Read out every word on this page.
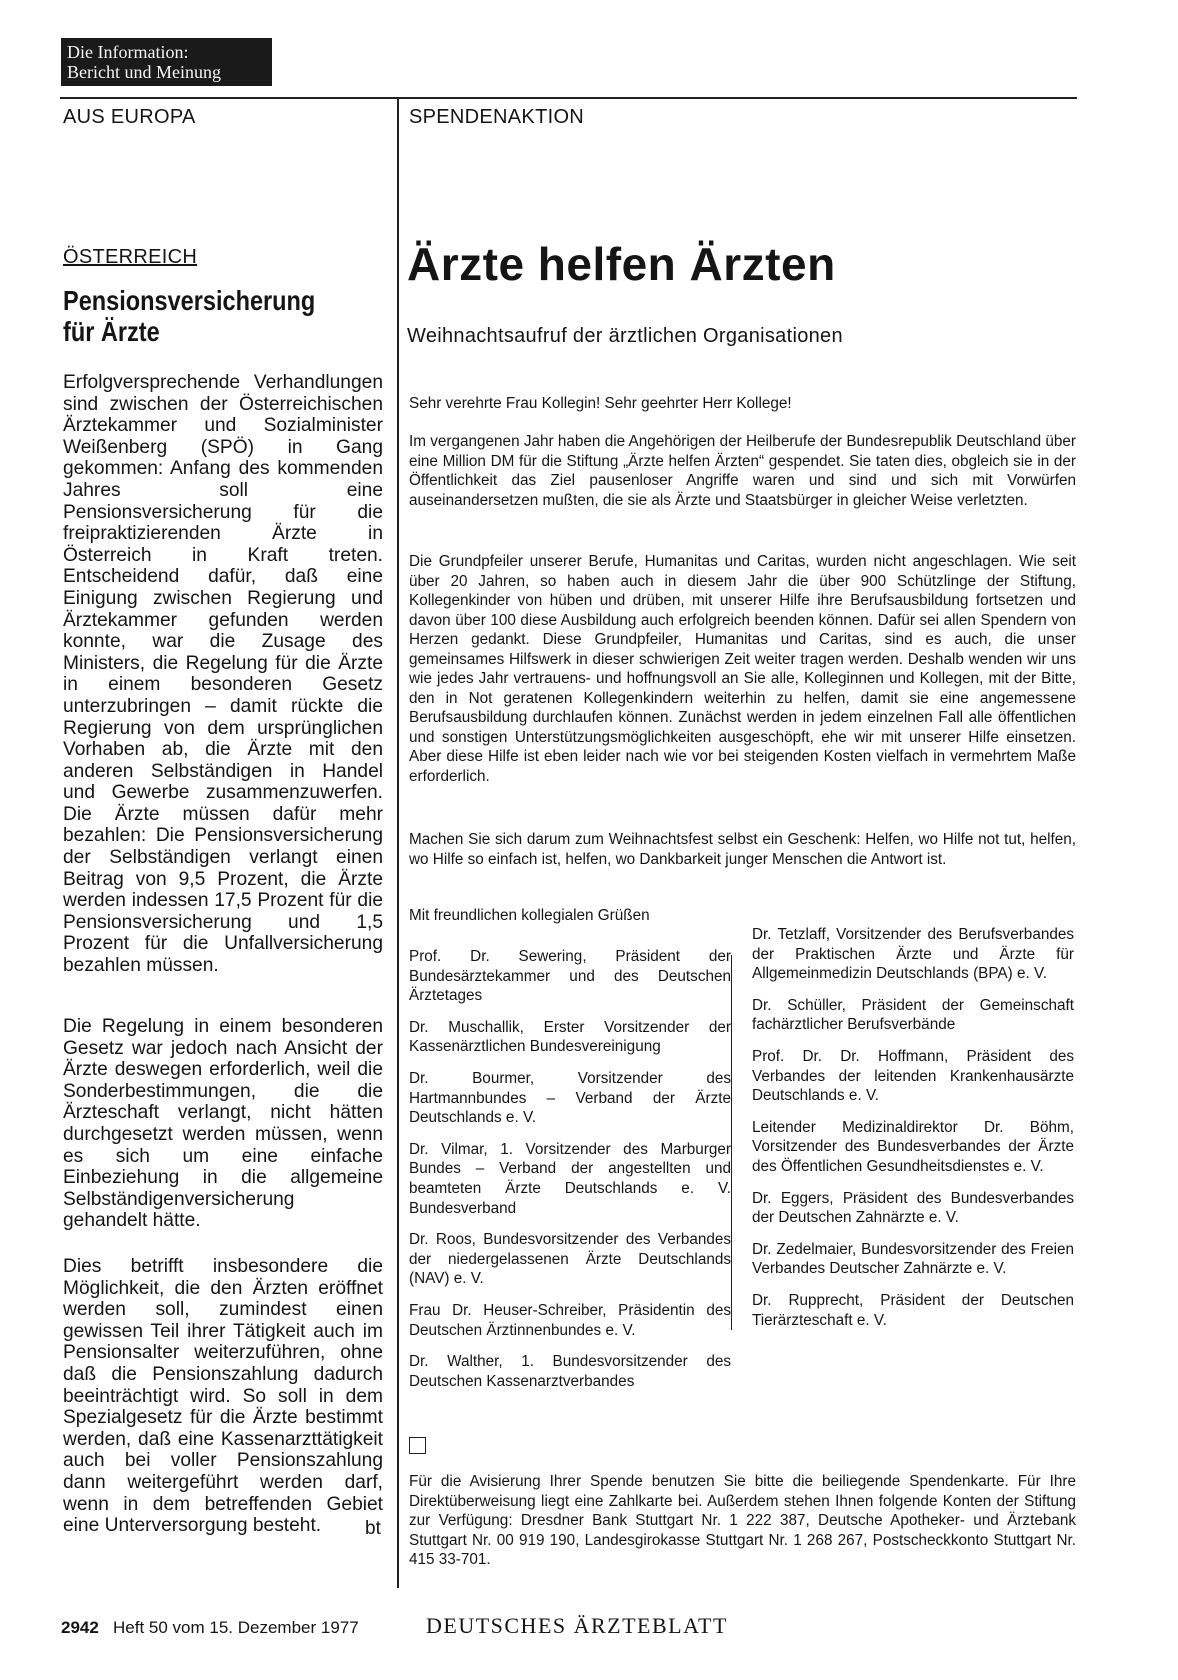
Die Information:
Bericht und Meinung
AUS EUROPA	SPENDENAKTION
ÖSTERREICH
Pensionsversicherung
für Ärzte
Erfolgversprechende Verhandlungen sind zwischen der Österreichischen Ärztekammer und Sozialminister Weißenberg (SPÖ) in Gang gekommen: Anfang des kommenden Jahres soll eine Pensionsversicherung für die freipraktizierenden Ärzte in Österreich in Kraft treten. Entscheidend dafür, daß eine Einigung zwischen Regierung und Ärztekammer gefunden werden konnte, war die Zusage des Ministers, die Regelung für die Ärzte in einem besonderen Gesetz unterzubringen – damit rückte die Regierung von dem ursprünglichen Vorhaben ab, die Ärzte mit den anderen Selbständigen in Handel und Gewerbe zusammenzuwerfen. Die Ärzte müssen dafür mehr bezahlen: Die Pensionsversicherung der Selbständigen verlangt einen Beitrag von 9,5 Prozent, die Ärzte werden indessen 17,5 Prozent für die Pensionsversicherung und 1,5 Prozent für die Unfallversicherung bezahlen müssen.
Die Regelung in einem besonderen Gesetz war jedoch nach Ansicht der Ärzte deswegen erforderlich, weil die Sonderbestimmungen, die die Ärzteschaft verlangt, nicht hätten durchgesetzt werden müssen, wenn es sich um eine einfache Einbeziehung in die allgemeine Selbständigenversicherung gehandelt hätte.
Dies betrifft insbesondere die Möglichkeit, die den Ärzten eröffnet werden soll, zumindest einen gewissen Teil ihrer Tätigkeit auch im Pensionsalter weiterzuführen, ohne daß die Pensionszahlung dadurch beeinträchtigt wird. So soll in dem Spezialgesetz für die Ärzte bestimmt werden, daß eine Kassenarzttätigkeit auch bei voller Pensionszahlung dann weitergeführt werden darf, wenn in dem betreffenden Gebiet eine Unterversorgung besteht.	bt
Ärzte helfen Ärzten
Weihnachtsaufruf der ärztlichen Organisationen
Sehr verehrte Frau Kollegin! Sehr geehrter Herr Kollege!
Im vergangenen Jahr haben die Angehörigen der Heilberufe der Bundesrepublik Deutschland über eine Million DM für die Stiftung „Ärzte helfen Ärzten“ gespendet. Sie taten dies, obgleich sie in der Öffentlichkeit das Ziel pausenloser Angriffe waren und sind und sich mit Vorwürfen auseinandersetzen mußten, die sie als Ärzte und Staatsbürger in gleicher Weise verletzten.
Die Grundpfeiler unserer Berufe, Humanitas und Caritas, wurden nicht angeschlagen. Wie seit über 20 Jahren, so haben auch in diesem Jahr die über 900 Schützlinge der Stiftung, Kollegenkinder von hüben und drüben, mit unserer Hilfe ihre Berufsausbildung fortsetzen und davon über 100 diese Ausbildung auch erfolgreich beenden können. Dafür sei allen Spendern von Herzen gedankt. Diese Grundpfeiler, Humanitas und Caritas, sind es auch, die unser gemeinsames Hilfswerk in dieser schwierigen Zeit weiter tragen werden. Deshalb wenden wir uns wie jedes Jahr vertrauens- und hoffnungsvoll an Sie alle, Kolleginnen und Kollegen, mit der Bitte, den in Not geratenen Kollegenkindern weiterhin zu helfen, damit sie eine angemessene Berufsausbildung durchlaufen können. Zunächst werden in jedem einzelnen Fall alle öffentlichen und sonstigen Unterstützungsmöglichkeiten ausgeschöpft, ehe wir mit unserer Hilfe einsetzen. Aber diese Hilfe ist eben leider nach wie vor bei steigenden Kosten vielfach in vermehrtem Maße erforderlich.
Machen Sie sich darum zum Weihnachtsfest selbst ein Geschenk: Helfen, wo Hilfe not tut, helfen, wo Hilfe so einfach ist, helfen, wo Dankbarkeit junger Menschen die Antwort ist.
Mit freundlichen kollegialen Grüßen
Prof. Dr. Sewering, Präsident der Bundesärztekammer und des Deutschen Ärztetages
Dr. Muschallik, Erster Vorsitzender der Kassenärztlichen Bundesvereinigung
Dr. Bourmer, Vorsitzender des Hartmannbundes – Verband der Ärzte Deutschlands e. V.
Dr. Vilmar, 1. Vorsitzender des Marburger Bundes – Verband der angestellten und beamteten Ärzte Deutschlands e. V. Bundesverband
Dr. Roos, Bundesvorsitzender des Verbandes der niedergelassenen Ärzte Deutschlands (NAV) e. V.
Frau Dr. Heuser-Schreiber, Präsidentin des Deutschen Ärztinnenbundes e. V.
Dr. Walther, 1. Bundesvorsitzender des Deutschen Kassenarztverbandes
Dr. Tetzlaff, Vorsitzender des Berufsverbandes der Praktischen Ärzte und Ärzte für Allgemeinmedizin Deutschlands (BPA) e. V.
Dr. Schüller, Präsident der Gemeinschaft fachärztlicher Berufsverbände
Prof. Dr. Dr. Hoffmann, Präsident des Verbandes der leitenden Krankenhausärzte Deutschlands e. V.
Leitender Medizinaldirektor Dr. Böhm, Vorsitzender des Bundesverbandes der Ärzte des Öffentlichen Gesundheitsdienstes e. V.
Dr. Eggers, Präsident des Bundesverbandes der Deutschen Zahnärzte e. V.
Dr. Zedelmaier, Bundesvorsitzender des Freien Verbandes Deutscher Zahnärzte e. V.
Dr. Rupprecht, Präsident der Deutschen Tierärzteschaft e. V.
Für die Avisierung Ihrer Spende benutzen Sie bitte die beiliegende Spendenkarte. Für Ihre Direktüberweisung liegt eine Zahlkarte bei. Außerdem stehen Ihnen folgende Konten der Stiftung zur Verfügung: Dresdner Bank Stuttgart Nr. 1 222 387, Deutsche Apotheker- und Ärztebank Stuttgart Nr. 00 919 190, Landesgirokasse Stuttgart Nr. 1 268 267, Postscheckkonto Stuttgart Nr. 415 33-701.
2942 Heft 50 vom 15. Dezember 1977	DEUTSCHES ÄRZTEBLATT
